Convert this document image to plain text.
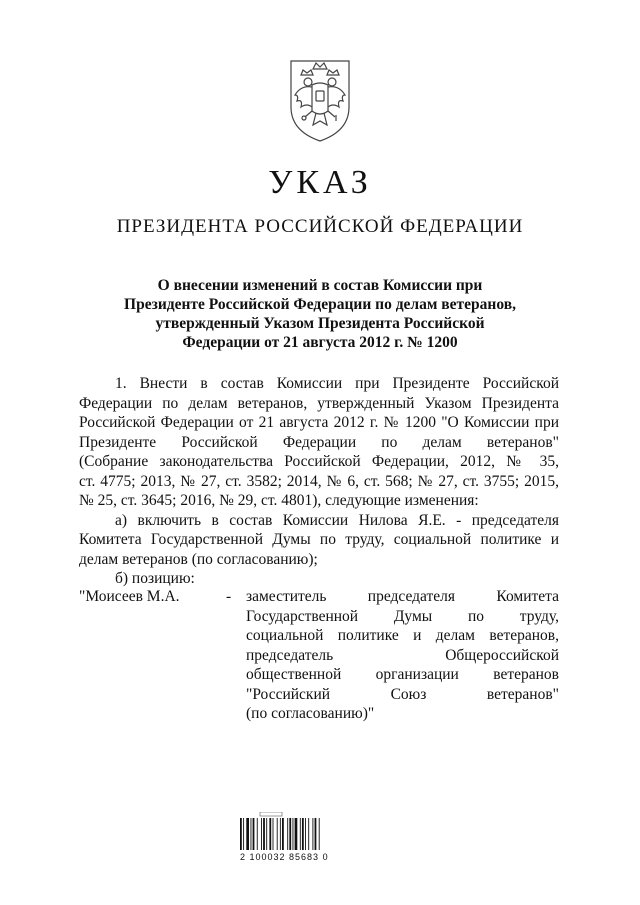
УКАЗ
ПРЕЗИДЕНТА РОССИЙСКОЙ ФЕДЕРАЦИИ
О внесении изменений в состав Комиссии при
Президенте Российской Федерации по делам ветеранов,
утвержденный Указом Президента Российской
Федерации от 21 августа 2012 г. № 1200
1. Внести в состав Комиссии при Президенте Российской
Федерации по делам ветеранов, утвержденный Указом Президента
Российской Федерации от 21 августа 2012 г. № 1200 "О Комиссии при
Президенте Российской Федерации по делам ветеранов"
(Собрание законодательства Российской Федерации, 2012, № 35,
ст. 4775; 2013, № 27, ст. 3582; 2014, № 6, ст. 568; № 27, ст. 3755; 2015,
№ 25, ст. 3645; 2016, № 29, ст. 4801), следующие изменения:
а) включить в состав Комиссии Нилова Я.Е. - председателя
Комитета Государственной Думы по труду, социальной политике и
делам ветеранов (по согласованию);
б) позицию:
"Моисеев М.А.	- заместитель председателя Комитета
Государственной Думы по труду,
социальной политике и делам ветеранов,
председатель Общероссийской
общественной организации ветеранов
"Российский Союз ветеранов"
(по согласованию)"
2 100032 85683 0
